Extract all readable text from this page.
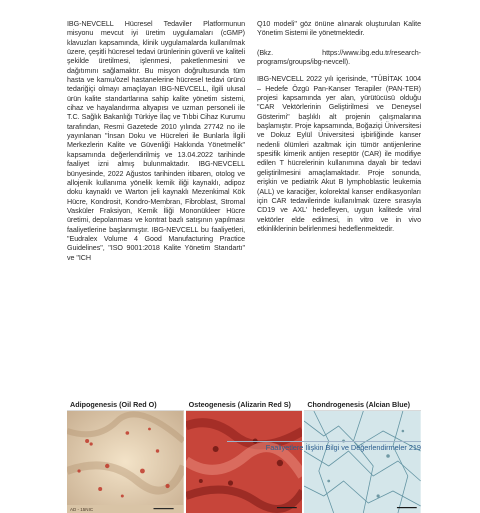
IBG-NEVCELL Hücresel Tedaviler Platformunun misyonu mevcut iyi üretim uygulamaları (cGMP) klavuzları kapsamında, klinik uygulamalarda kullanılmak üzere, çeşitli hücresel tedavi ürünlerinin güvenli ve kaliteli şekilde üretilmesi, işlenmesi, paketlenmesini ve dağıtımını sağlamaktır. Bu misyon doğrultusunda tüm hasta ve kamu/özel hastanelerine hücresel tedavi ürünü tedariğiçi olmayı amaçlayan IBG-NEVCELL, ilgili ulusal ürün kalite standartlarına sahip kalite yönetim sistemi, cihaz ve hayalandırma altyapısı ve uzman personeli ile T.C. Sağlık Bakanlığı Türkiye İlaç ve Tıbbi Cihaz Kurumu tarafından, Resmi Gazetede 2010 yılında 27742 no ile yayınlanan "İnsan Doku ve Hücreleri ile Bunlarla İlgili Merkezlerin Kalite ve Güvenliği Hakkında Yönetmelik" kapsamında değerlendirilmiş ve 13.04.2022 tarihinde faaliyet izni almış bulunmaktadır. IBG-NEVCELL bünyesinde, 2022 Ağustos tarihinden itibaren, otolog ve allojenik kullanıma yönelik kemik iliği kaynaklı, adipoz doku kaynaklı ve Warton jeli kaynaklı Mezenkimal Kök Hücre, Kondrosit, Kondro-Membran, Fibroblast, Stromal Vasküler Fraksiyon, Kemik İliği Mononükleer Hücre üretimi, depolanması ve kontrat bazlı satışının yapılması faaliyetlerine başlanmıştır. IBG-NEVCELL bu faaliyetleri, "Eudralex Volume 4 Good Manufacturing Practice Guidelines", "ISO 9001:2018 Kalite Yönetim Standartı" ve "ICH

Q10 modeli" göz önüne alınarak oluşturulan Kalite Yönetim Sistemi ile yönetmektedir.

(Bkz. https://www.ibg.edu.tr/research-programs/groups/ibg-nevcell).

IBG-NEVCELL 2022 yılı içerisinde, "TÜBİTAK 1004 – Hedefe Özgü Pan-Kanser Terapiler (PAN-TER) projesi kapsamında yer alan, yürütücüsü olduğu "CAR Vektörlerinin Geliştirilmesi ve Deneysel Gösterimi" başlıklı alt projenin çalışmalarına başlamıştır. Proje kapsamında, Boğaziçi Üniversitesi ve Dokuz Eylül Üniversitesi işbirliğinde kanser nedenli ölümleri azaltmak için tümör antijenlerine spesifik kimerik antijen reseptör (CAR) ile modifiye edilen T hücrelerinin kullanımına dayalı bir tedavi geliştirilmesini amaçlamaktadır. Proje sonunda, erişkin ve pediatrik Akut B lymphoblastic leukemia (ALL) ve karaciğer, kolorektal kanser endikasyonları için CAR tedavilerinde kullanılmak üzere sırasıyla CD19 ve AXL' hedefleyen, uygun kalitede viral vektörler elde edilmesi, in vitro ve in vivo etkinliklerinin belirlenmesi hedeflenmektedir.

Adipogenesis (Oil Red O)
AD - 15NIC
Osteogenesis (Alizarin Red S)	Chondrogenesis (Alcian Blue)
Faaliyetlere İlişkin Bilgi ve Değerlendirmeler 219
